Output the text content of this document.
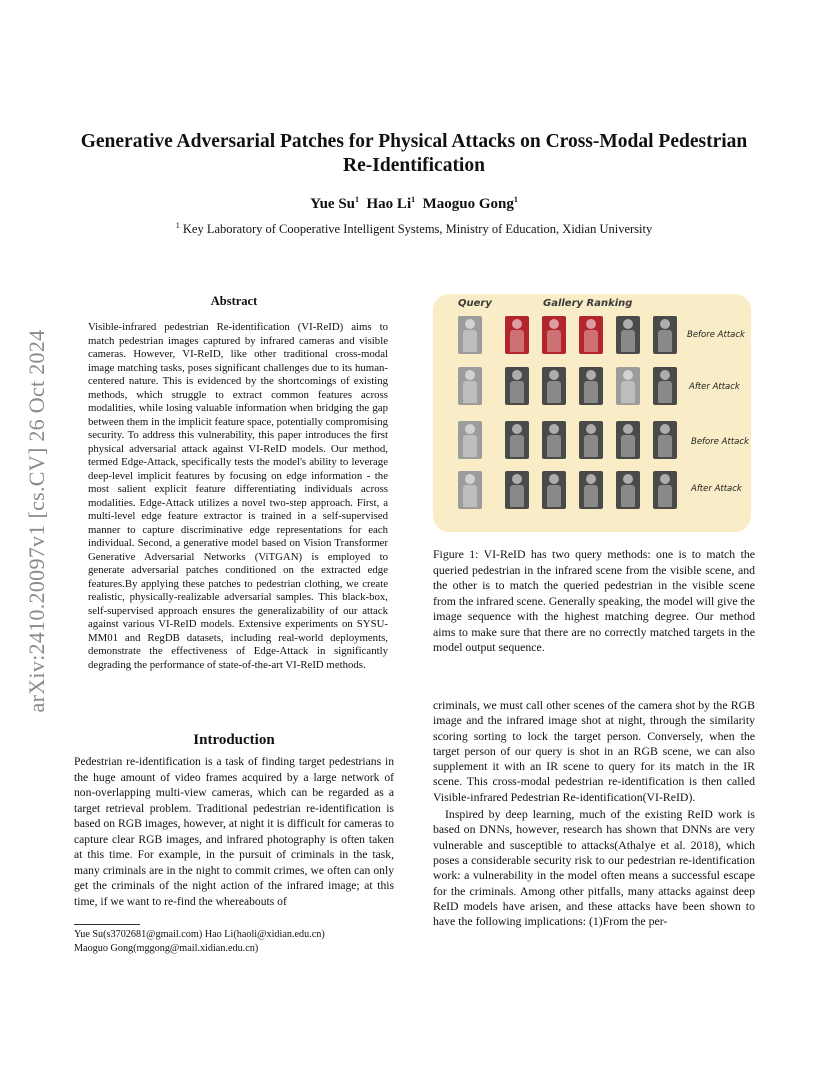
arXiv:2410.20097v1 [cs.CV] 26 Oct 2024
Generative Adversarial Patches for Physical Attacks on Cross-Modal Pedestrian Re-Identification
Yue Su$^1$ Hao Li$^1$ Maoguo Gong$^1$
$^1$ Key Laboratory of Cooperative Intelligent Systems, Ministry of Education, Xidian University
Abstract
Visible-infrared pedestrian Re-identification (VI-ReID) aims to match pedestrian images captured by infrared cameras and visible cameras. However, VI-ReID, like other traditional cross-modal image matching tasks, poses significant challenges due to its human-centered nature. This is evidenced by the shortcomings of existing methods, which struggle to extract common features across modalities, while losing valuable information when bridging the gap between them in the implicit feature space, potentially compromising security. To address this vulnerability, this paper introduces the first physical adversarial attack against VI-ReID models. Our method, termed Edge-Attack, specifically tests the model's ability to leverage deep-level implicit features by focusing on edge information - the most salient explicit feature differentiating individuals across modalities. Edge-Attack utilizes a novel two-step approach. First, a multi-level edge feature extractor is trained in a self-supervised manner to capture discriminative edge representations for each individual. Second, a generative model based on Vision Transformer Generative Adversarial Networks (ViTGAN) is employed to generate adversarial patches conditioned on the extracted edge features.By applying these patches to pedestrian clothing, we create realistic, physically-realizable adversarial samples. This black-box, self-supervised approach ensures the generalizability of our attack against various VI-ReID models. Extensive experiments on SYSU-MM01 and RegDB datasets, including real-world deployments, demonstrate the effectiveness of Edge-Attack in significantly degrading the performance of state-of-the-art VI-ReID methods.
Introduction
Pedestrian re-identification is a task of finding target pedestrians in the huge amount of video frames acquired by a large network of non-overlapping multi-view cameras, which can be regarded as a target retrieval problem. Traditional pedestrian re-identification is based on RGB images, however, at night it is difficult for cameras to capture clear RGB images, and infrared photography is often taken at this time. For example, in the pursuit of criminals in the task, many criminals are in the night to commit crimes, we often can only get the criminals of the night action of the infrared image; at this time, if we want to re-find the whereabouts of
Yue Su(s3702681@gmail.com) Hao Li(haoli@xidian.edu.cn)
Maoguo Gong(mggong@mail.xidian.edu.cn)
Query	Gallery Ranking
Before Attack
After Attack
Before Attack
After Attack
Figure 1: VI-ReID has two query methods: one is to match the queried pedestrian in the infrared scene from the visible scene, and the other is to match the queried pedestrian in the visible scene from the infrared scene. Generally speaking, the model will give the image sequence with the highest matching degree. Our method aims to make sure that there are no correctly matched targets in the model output sequence.

criminals, we must call other scenes of the camera shot by the RGB image and the infrared image shot at night, through the similarity scoring sorting to lock the target person. Conversely, when the target person of our query is shot in an RGB scene, we can also supplement it with an IR scene to query for its match in the IR scene. This cross-modal pedestrian re-identification is then called Visible-infrared Pedestrian Re-identification(VI-ReID).

Inspired by deep learning, much of the existing ReID work is based on DNNs, however, research has shown that DNNs are very vulnerable and susceptible to attacks(Athalye et al. 2018), which poses a considerable security risk to our pedestrian re-identification work: a vulnerability in the model often means a successful escape for the criminals. Among other pitfalls, many attacks against deep ReID models have arisen, and these attacks have been shown to have the following implications: (1)From the per-
